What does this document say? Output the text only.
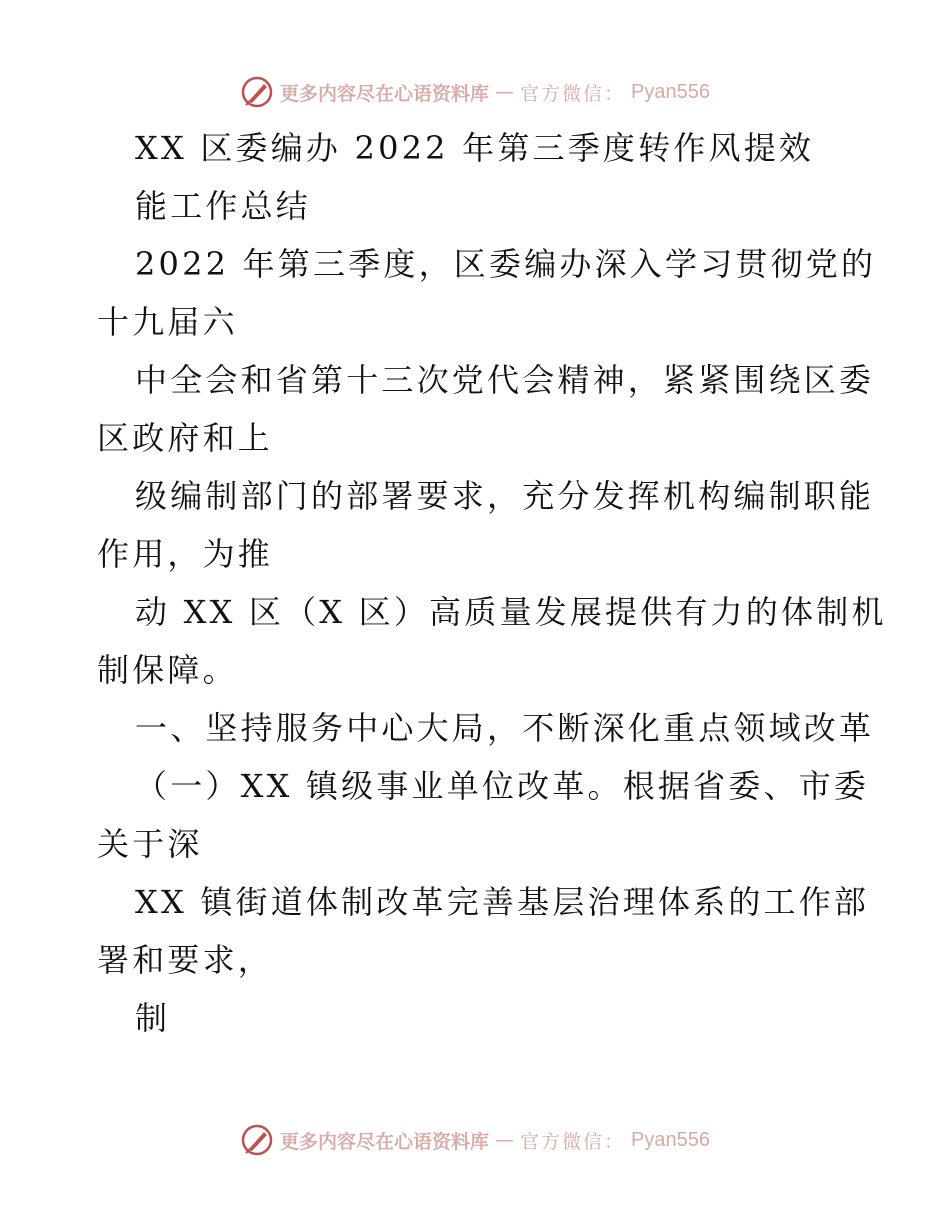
更多内容尽在心语资料库 — 官方微信： Pyan556
XX 区委编办 2022 年第三季度转作风提效
能工作总结
2022 年第三季度，区委编办深入学习贯彻党的
十九届六
中全会和省第十三次党代会精神，紧紧围绕区委
区政府和上
级编制部门的部署要求，充分发挥机构编制职能
作用，为推
动 XX 区（X 区）高质量发展提供有力的体制机
制保障。
一、坚持服务中心大局，不断深化重点领域改革
（一）XX 镇级事业单位改革。根据省委、市委
关于深
XX 镇街道体制改革完善基层治理体系的工作部
署和要求，
制
更多内容尽在心语资料库 — 官方微信： Pyan556
